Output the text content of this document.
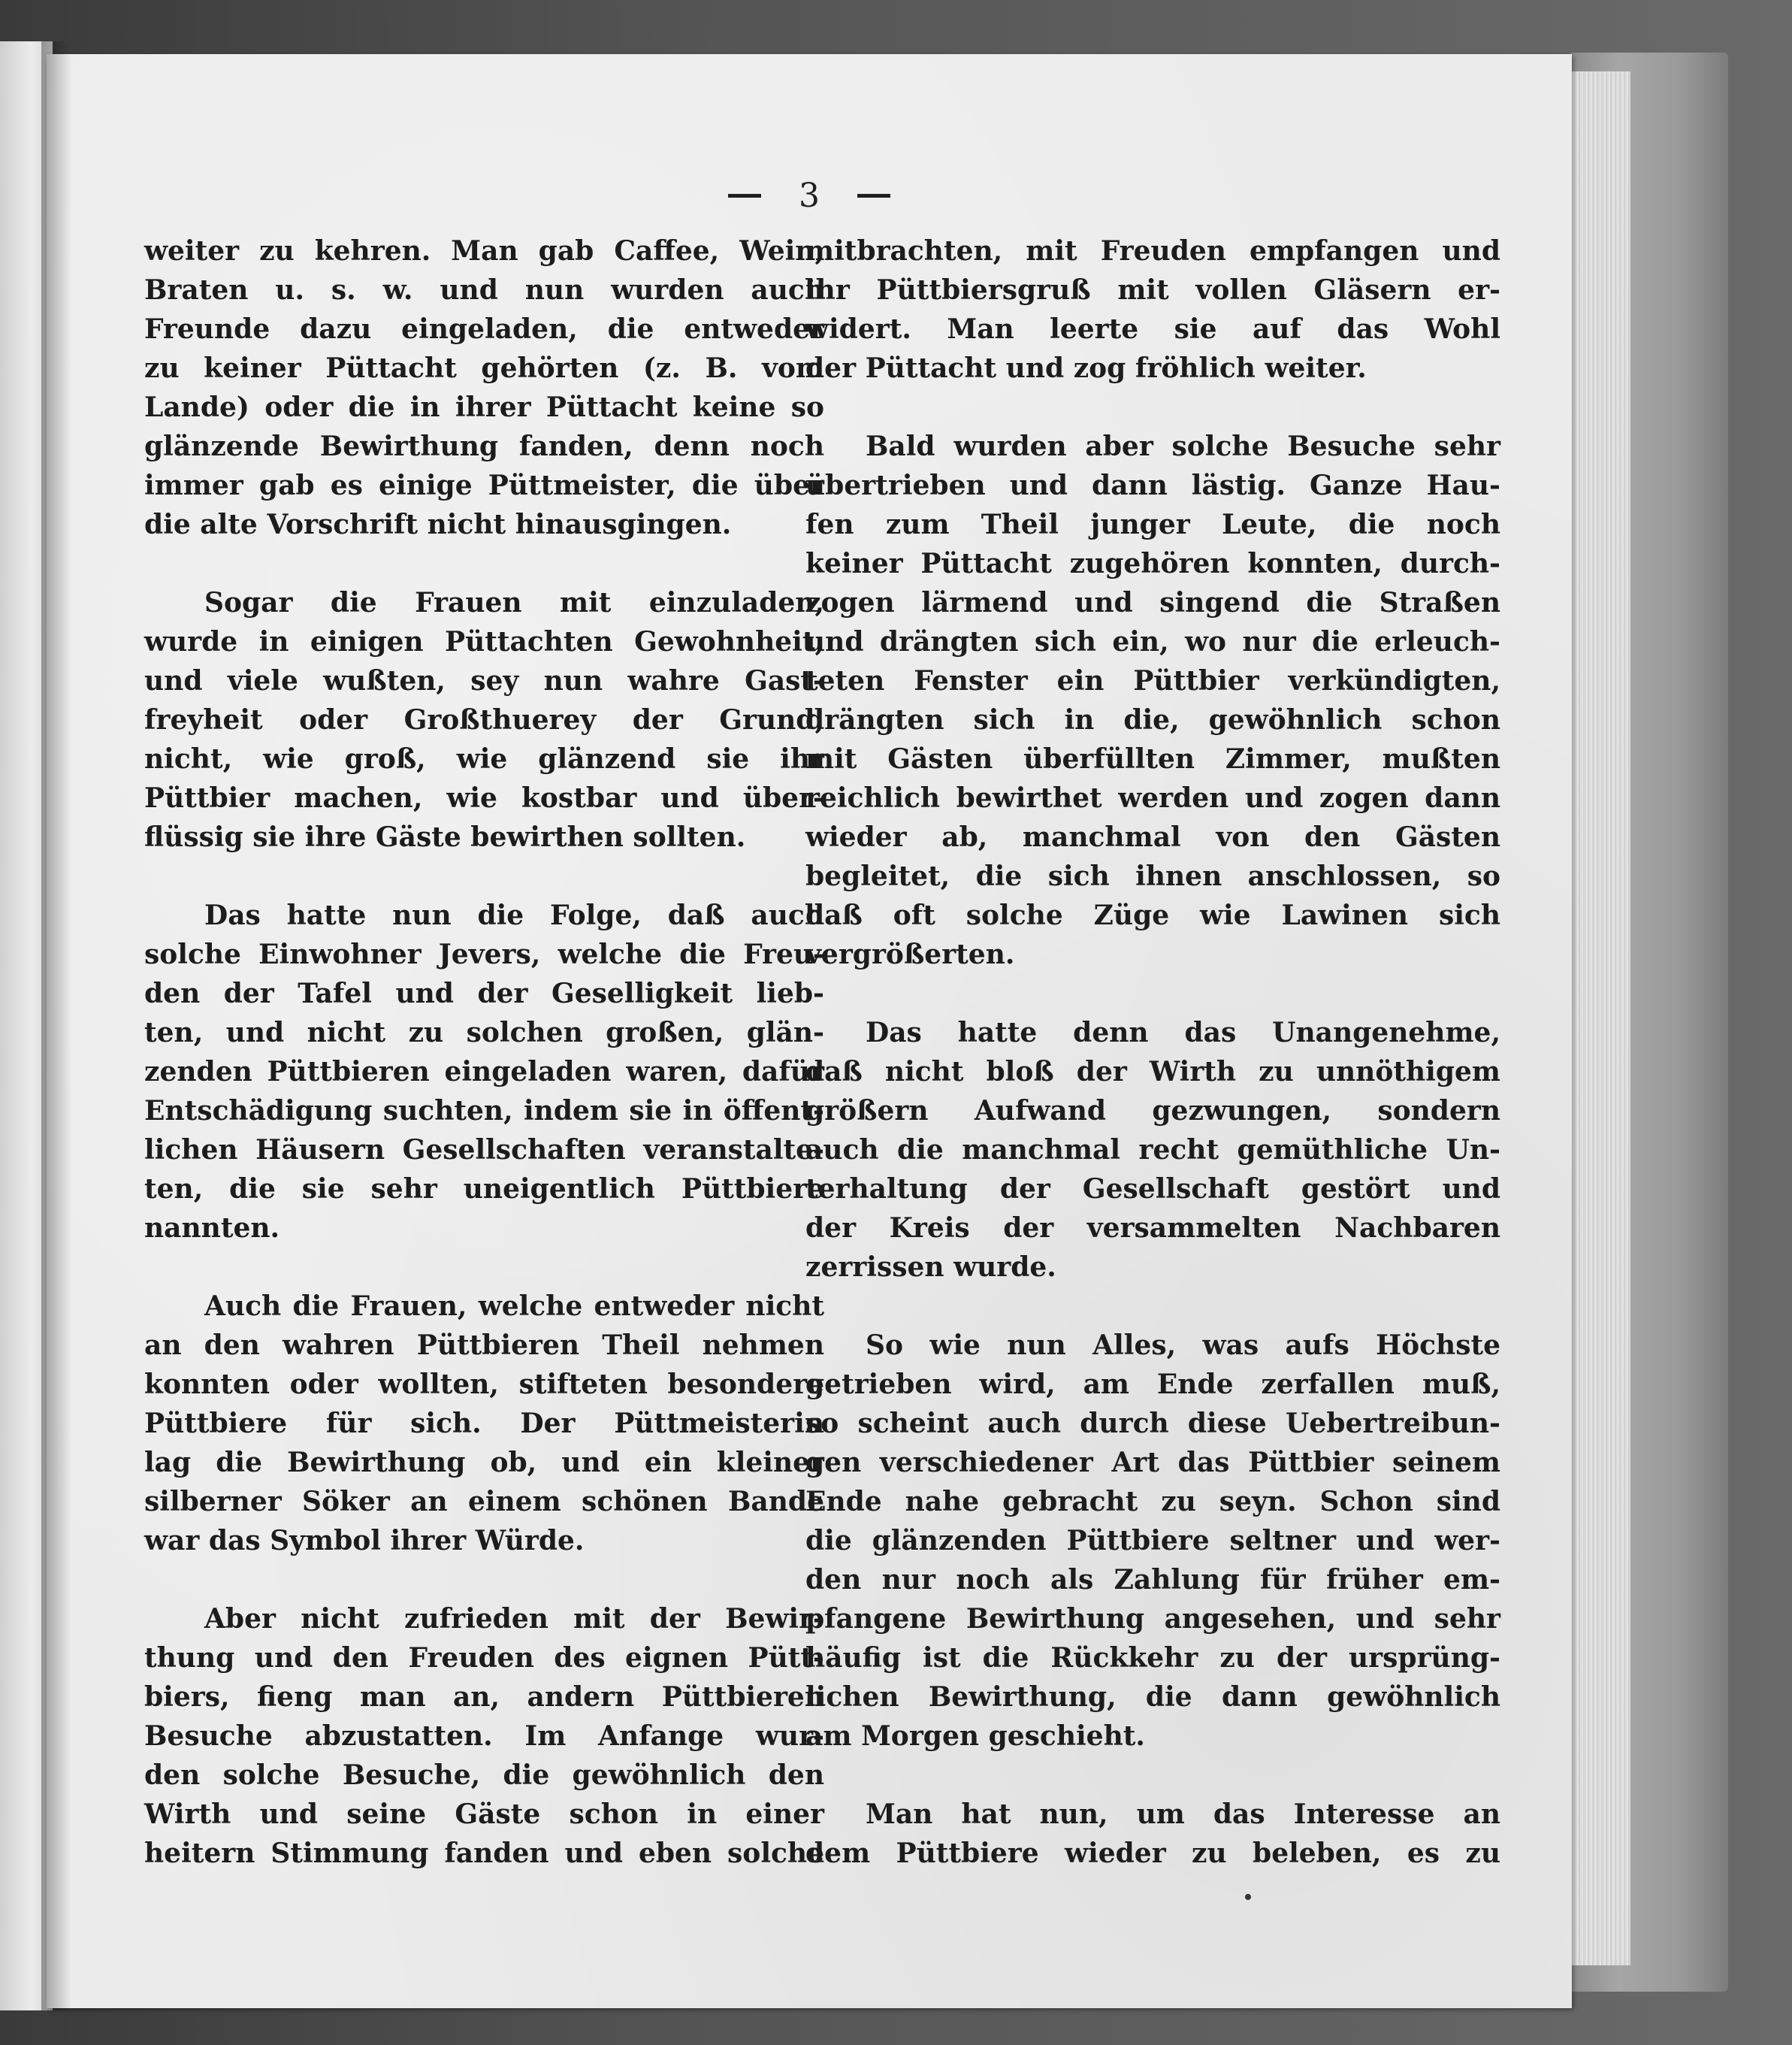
3
weiter zu kehren. Man gab Caffee, Wein,
Braten u. s. w. und nun wurden auch
Freunde dazu eingeladen, die entweder
zu keiner Püttacht gehörten (z. B. vom
Lande) oder die in ihrer Püttacht keine so
glänzende Bewirthung fanden, denn noch
immer gab es einige Püttmeister, die über
die alte Vorschrift nicht hinausgingen.
Sogar die Frauen mit einzuladen,
wurde in einigen Püttachten Gewohnheit,
und viele wußten, sey nun wahre Gast-
freyheit oder Großthuerey der Grund,
nicht, wie groß, wie glänzend sie ihr
Püttbier machen, wie kostbar und über-
flüssig sie ihre Gäste bewirthen sollten.
Das hatte nun die Folge, daß auch
solche Einwohner Jevers, welche die Freu-
den der Tafel und der Geselligkeit lieb-
ten, und nicht zu solchen großen, glän-
zenden Püttbieren eingeladen waren, dafür
Entschädigung suchten, indem sie in öffent-
lichen Häusern Gesellschaften veranstalte-
ten, die sie sehr uneigentlich Püttbiere
nannten.
Auch die Frauen, welche entweder nicht
an den wahren Püttbieren Theil nehmen
konnten oder wollten, stifteten besondere
Püttbiere für sich. Der Püttmeisterin
lag die Bewirthung ob, und ein kleiner
silberner Söker an einem schönen Bande
war das Symbol ihrer Würde.
Aber nicht zufrieden mit der Bewir-
thung und den Freuden des eignen Pütt-
biers, fieng man an, andern Püttbieren
Besuche abzustatten. Im Anfange wur-
den solche Besuche, die gewöhnlich den
Wirth und seine Gäste schon in einer
heitern Stimmung fanden und eben solche
mitbrachten, mit Freuden empfangen und
ihr Püttbiersgruß mit vollen Gläsern er-
widert. Man leerte sie auf das Wohl
der Püttacht und zog fröhlich weiter.
Bald wurden aber solche Besuche sehr
übertrieben und dann lästig. Ganze Hau-
fen zum Theil junger Leute, die noch
keiner Püttacht zugehören konnten, durch-
zogen lärmend und singend die Straßen
und drängten sich ein, wo nur die erleuch-
teten Fenster ein Püttbier verkündigten,
drängten sich in die, gewöhnlich schon
mit Gästen überfüllten Zimmer, mußten
reichlich bewirthet werden und zogen dann
wieder ab, manchmal von den Gästen
begleitet, die sich ihnen anschlossen, so
daß oft solche Züge wie Lawinen sich
vergrößerten.
Das hatte denn das Unangenehme,
daß nicht bloß der Wirth zu unnöthigem
größern Aufwand gezwungen, sondern
auch die manchmal recht gemüthliche Un-
terhaltung der Gesellschaft gestört und
der Kreis der versammelten Nachbaren
zerrissen wurde.
So wie nun Alles, was aufs Höchste
getrieben wird, am Ende zerfallen muß,
so scheint auch durch diese Uebertreibun-
gen verschiedener Art das Püttbier seinem
Ende nahe gebracht zu seyn. Schon sind
die glänzenden Püttbiere seltner und wer-
den nur noch als Zahlung für früher em-
pfangene Bewirthung angesehen, und sehr
häufig ist die Rückkehr zu der ursprüng-
lichen Bewirthung, die dann gewöhnlich
am Morgen geschieht.
Man hat nun, um das Interesse an
dem Püttbiere wieder zu beleben, es zu
